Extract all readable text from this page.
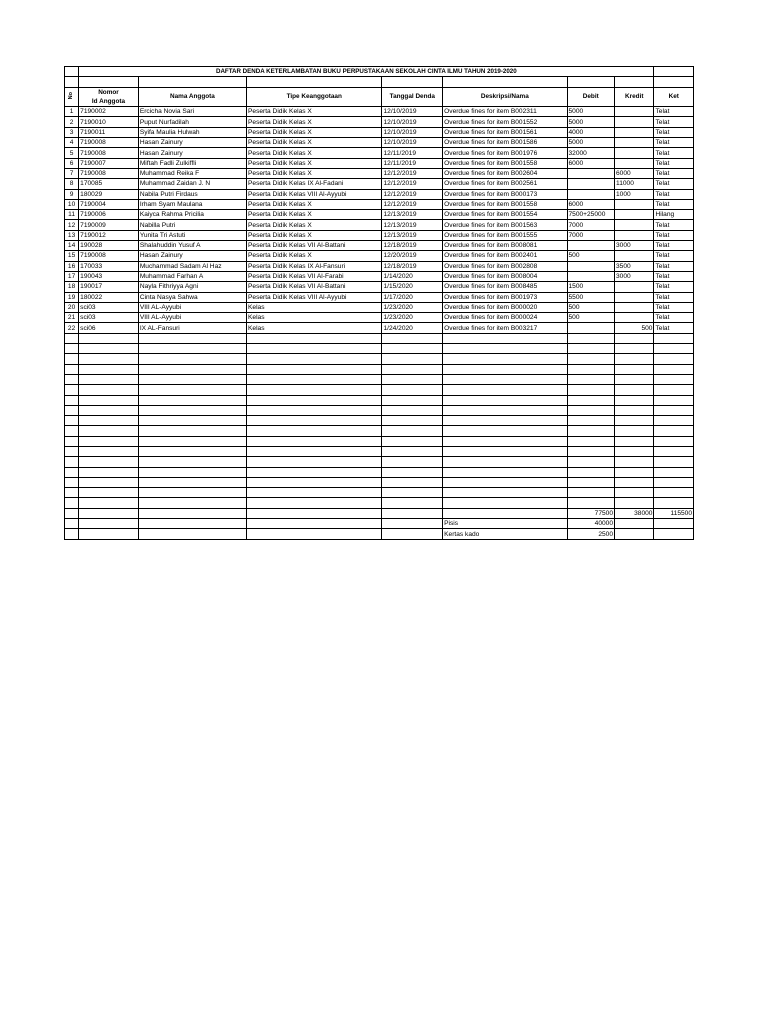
	DAFTAR DENDA KETERLAMBATAN BUKU PERPUSTAKAAN SEKOLAH CINTA ILMU TAHUN 2019-2020							

No	Nomor	Nama Anggota	Tipe Keanggotaan	Tanggal Denda	Deskripsi/Nama	Debit	Kredit	Ket
	Id Anggota							
1	7190002	Ercicha Novia Sari	Peserta Didik Kelas X	12/10/2019	Overdue fines for item B002311	5000		Telat
2	7190010	Puput Nurfadilah	Peserta Didik Kelas X	12/10/2019	Overdue fines for item B001552	5000		Telat
3	7190011	Syifa Maulia Hulwah	Peserta Didik Kelas X	12/10/2019	Overdue fines for item B001561	4000		Telat
4	7190008	Hasan Zainury	Peserta Didik Kelas X	12/10/2019	Overdue fines for item B001586	5000		Telat
5	7190008	Hasan Zainury	Peserta Didik Kelas X	12/11/2019	Overdue fines for item B001976	32000		Telat
6	7190007	Miftah Fadli Zulkiffli	Peserta Didik Kelas X	12/11/2019	Overdue fines for item B001558	6000		Telat
7	7190008	Muhammad Reika F	Peserta Didik Kelas X	12/12/2019	Overdue fines for item B002604		6000	Telat
8	170085	Muhammad Zaidan J. N	Peserta Didik Kelas IX Al-Fadani	12/12/2019	Overdue fines for item B002561		11000	Telat
9	180029	Nabila Putri Firdaus	Peserta Didik Kelas VIII Al-Ayyubi	12/12/2019	Overdue fines for item B000173		1000	Telat
10	7190004	Irham Syam Maulana	Peserta Didik Kelas X	12/12/2019	Overdue fines for item B001558	6000		Telat
11	7190006	Kaiyca Rahma Pricilia	Peserta Didik Kelas X	12/13/2019	Overdue fines for item B001554	7500+25000		Hilang
12	7190009	Nabilla Putri	Peserta Didik Kelas X	12/13/2019	Overdue fines for item B001563	7000		Telat
13	7190012	Yunita Tri Astuti	Peserta Didik Kelas X	12/13/2019	Overdue fines for item B001555	7000		Telat
14	190028	Shalahuddin Yusuf A	Peserta Didik Kelas VII Al-Battani	12/18/2019	Overdue fines for item B008081		3000	Telat
15	7190008	Hasan Zainury	Peserta Didik Kelas X	12/20/2019	Overdue fines for item B002401	500		Telat
16	170033	Muchammad Sadam Al Haz	Peserta Didik Kelas IX Al-Fansuri	12/18/2019	Overdue fines for item B002808		3500	Telat
17	190043	Muhammad Farhan A	Peserta Didik Kelas VII Al-Farabi	1/14/2020	Overdue fines for item B008004		3000	Telat
18	190017	Nayla Fithriyya Agni	Peserta Didik Kelas VII Al-Battani	1/15/2020	Overdue fines for item B008485	1500		Telat
19	180022	Cinta Nasya Sahwa	Peserta Didik Kelas VIII Al-Ayyubi	1/17/2020	Overdue fines for item B001973	5500		Telat
20	sci03	VIII AL-Ayyubi	Kelas	1/23/2020	Overdue fines for item B000020	500		Telat
21	sci03	VIII AL-Ayyubi	Kelas	1/23/2020	Overdue fines for item B000024	500		Telat
22	sci06	IX AL-Fansuri	Kelas	1/24/2020	Overdue fines for item B003217		500	Telat

						77500	38000	115500
					Pisis	40000		
					Kertas kado	2500		
